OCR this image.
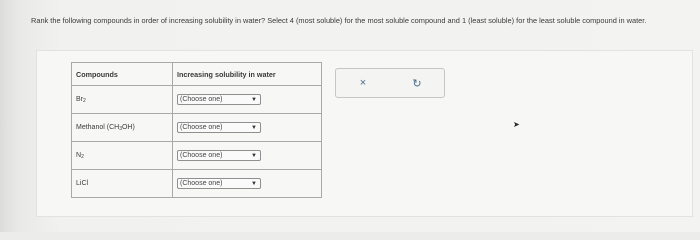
Rank the following compounds in order of increasing solubility in water? Select 4 (most soluble) for the most soluble compound and 1 (least soluble) for the least soluble compound in water.
Compounds	Increasing solubility in water
$Br_2$	(Choose one) ▼

Methanol $(CH_3OH)$	(Choose one) ▼

$N_2$	(Choose one) ▼

LiCl	(Choose one) ▼
×	↻
➤
